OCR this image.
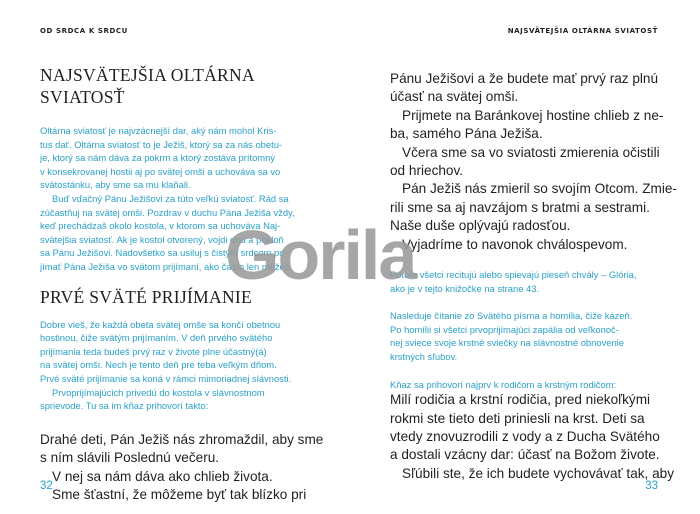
OD SRDCA K SRDCU
NAJSVÄTEJŠIA OLTÁRNA SVIATOSŤ

Oltárna sviatosť je najvzácnejší dar, aký nám mohol Kris-
tus dať. Oltárna sviatosť to je Ježiš, ktorý sa za nás obetu-
je, ktorý sa nám dáva za pokrm a ktorý zostáva prítomný
v konsekrovanej hostii aj po svätej omši a uchováva sa vo
svätostánku, aby sme sa mu klaňali.

Buď vďačný Pánu Ježišovi za túto veľkú sviatosť. Rád sa
zúčastňuj na svätej omši. Pozdrav v duchu Pána Ježiša vždy,
keď prechádzaš okolo kostola, v ktorom sa uchováva Naj-
svätejšia sviatosť. Ak je kostol otvorený, vojdi dnu a pokloň
sa Pánu Ježišovi. Nadovšetko sa usiluj s čistým srdcom pri-
jímať Pána Ježiša vo svätom prijímaní, ako často len môžeš.

PRVÉ SVÄTÉ PRIJÍMANIE

Dobre vieš, že každá obeta svätej omše sa končí obetnou
hostinou, čiže svätým prijímaním. V deň prvého svätého
prijímania teda budeš prvý raz v živote plne účastný(á)
na svätej omši. Nech je tento deň pre teba veľkým dňom.
Prvé sväté prijímanie sa koná v rámci mimoriadnej slávnosti.

Prvoprijímajúcich privedú do kostola v slávnostnom
sprievode. Tu sa im kňaz prihovorí takto:

Drahé deti, Pán Ježiš nás zhromaždil, aby sme
s ním slávili Poslednú večeru.
V nej sa nám dáva ako chlieb života.
Sme šťastní, že môžeme byť tak blízko pri

32
NAJSVÄTEJŠIA OLTÁRNA SVIATOSŤ

Pánu Ježišovi a že budete mať prvý raz plnú
účasť na svätej omši.
Prijmete na Baránkovej hostine chlieb z ne-
ba, samého Pána Ježiša.
Včera sme sa vo sviatosti zmierenia očistili
od hriechov.
Pán Ježiš nás zmieril so svojím Otcom. Zmie-
rili sme sa aj navzájom s bratmi a sestrami.
Naše duše oplývajú radosťou.
Vyjadríme to navonok chválospevom.

Potom všetci recitujú alebo spievajú pieseň chvály – Glória,
ako je v tejto knižočke na strane 43.

Nasleduje čítanie zo Svätého písma a homília, čiže kázeň.
Po homílii si všetci prvoprijímajúci zapália od veľkonoč-
nej sviece svoje krstné sviečky na slávnostné obnovenie
krstných sľubov.

Kňaz sa prihovorí najprv k rodičom a krstným rodičom:

Milí rodičia a krstní rodičia, pred niekoľkými
rokmi ste tieto deti priniesli na krst. Deti sa
vtedy znovuzrodili z vody a z Ducha Svätého
a dostali vzácny dar: účasť na Božom živote.
Sľúbili ste, že ich budete vychovávať tak, aby

33
Gorila
